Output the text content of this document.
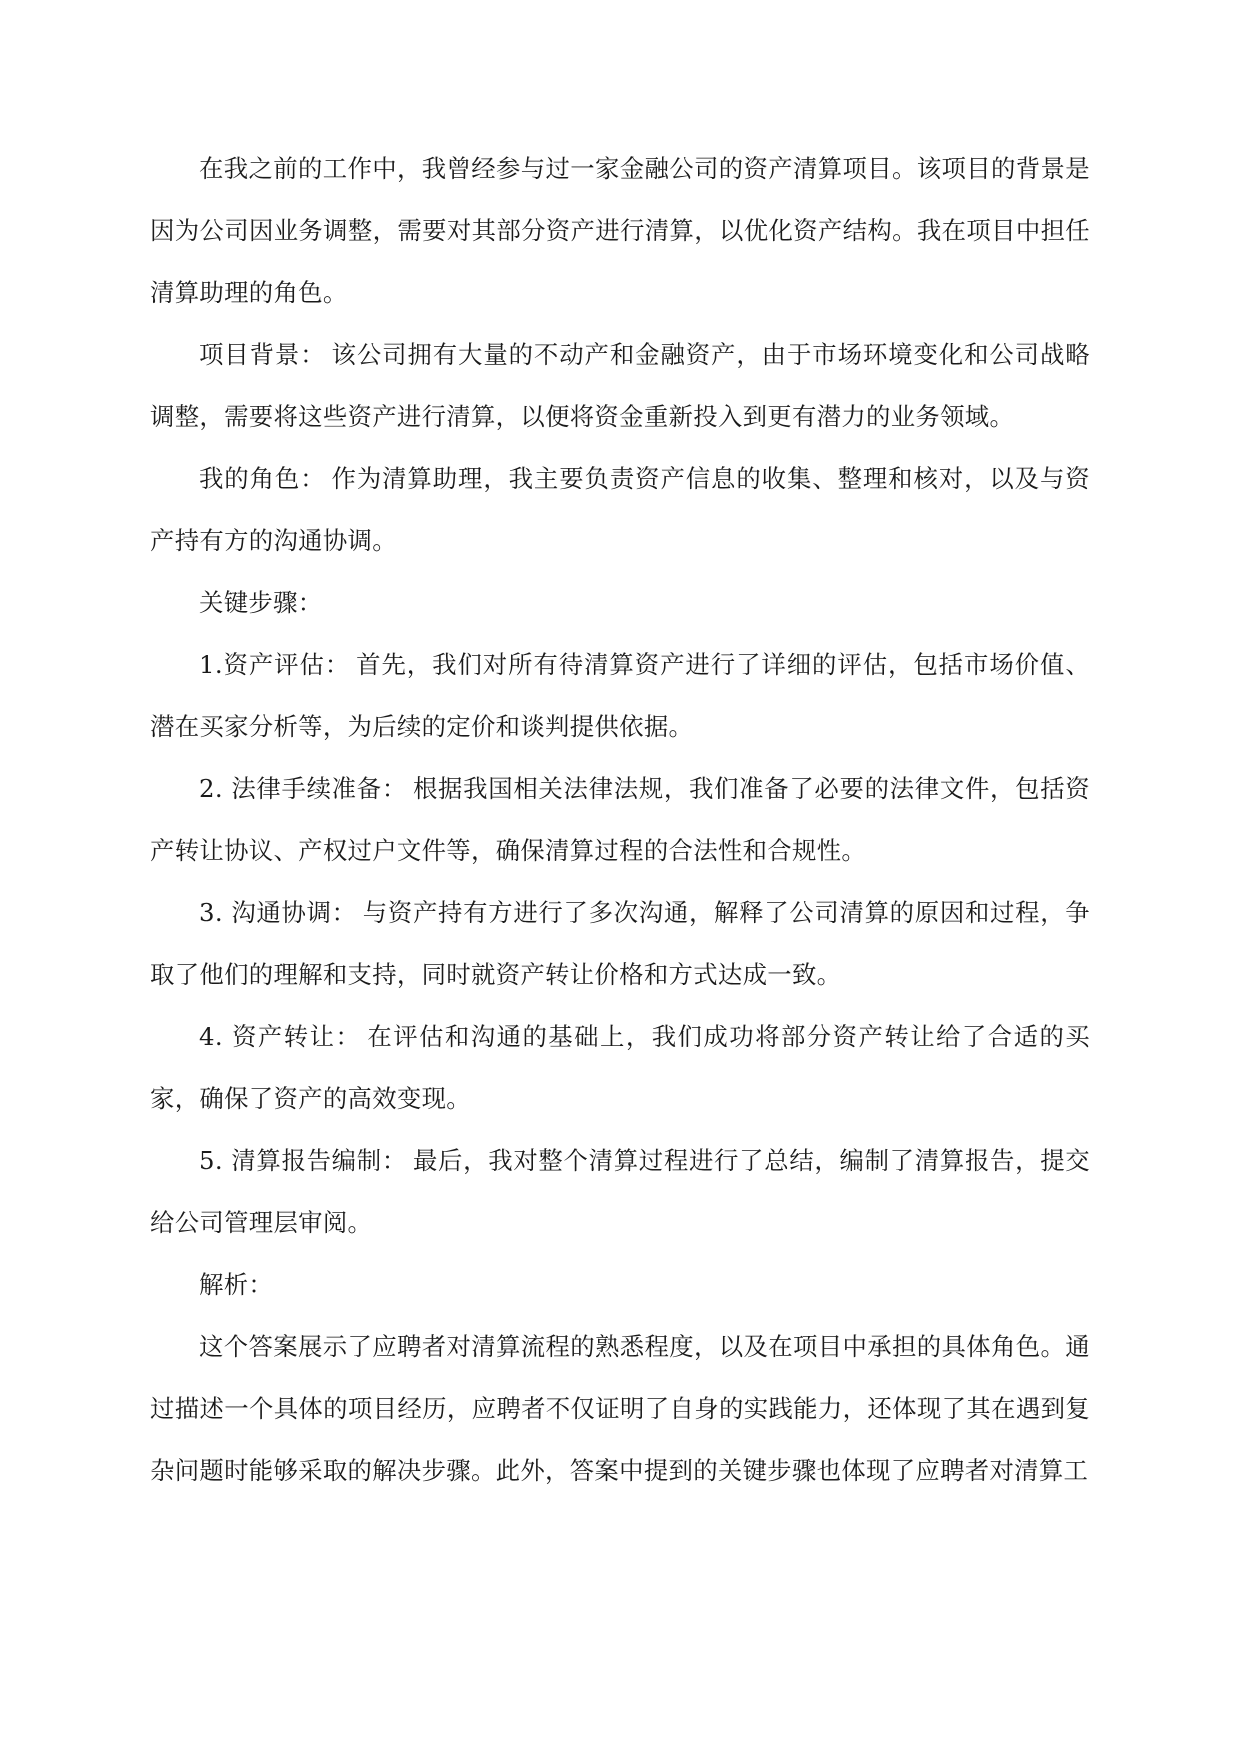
在我之前的工作中，我曾经参与过一家金融公司的资产清算项目。该项目的背景是因为公司因业务调整，需要对其部分资产进行清算，以优化资产结构。我在项目中担任清算助理的角色。

项目背景： 该公司拥有大量的不动产和金融资产，由于市场环境变化和公司战略调整，需要将这些资产进行清算，以便将资金重新投入到更有潜力的业务领域。

我的角色： 作为清算助理，我主要负责资产信息的收集、整理和核对，以及与资产持有方的沟通协调。

关键步骤：

1.资产评估： 首先，我们对所有待清算资产进行了详细的评估，包括市场价值、潜在买家分析等，为后续的定价和谈判提供依据。

2. 法律手续准备： 根据我国相关法律法规，我们准备了必要的法律文件，包括资产转让协议、产权过户文件等，确保清算过程的合法性和合规性。

3. 沟通协调： 与资产持有方进行了多次沟通，解释了公司清算的原因和过程，争取了他们的理解和支持，同时就资产转让价格和方式达成一致。

4. 资产转让： 在评估和沟通的基础上，我们成功将部分资产转让给了合适的买家，确保了资产的高效变现。

5. 清算报告编制： 最后，我对整个清算过程进行了总结，编制了清算报告，提交给公司管理层审阅。

解析：

这个答案展示了应聘者对清算流程的熟悉程度，以及在项目中承担的具体角色。通过描述一个具体的项目经历，应聘者不仅证明了自身的实践能力，还体现了其在遇到复杂问题时能够采取的解决步骤。此外，答案中提到的关键步骤也体现了应聘者对清算工
